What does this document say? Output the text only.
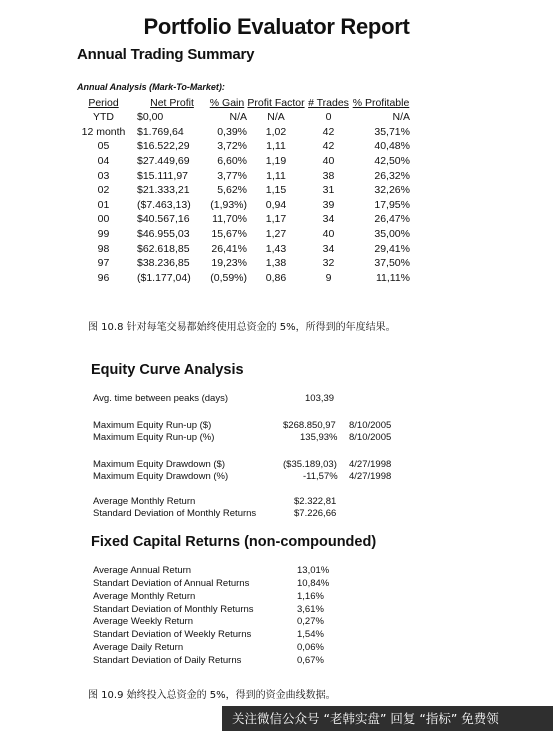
Portfolio Evaluator Report
Annual Trading Summary
Annual Analysis (Mark-To-Market):
Period	Net Profit	% Gain	Profit Factor	# Trades	% Profitable
YTD	$0,00	N/A	N/A	0	N/A
12 month	$1.769,64	0,39%	1,02	42	35,71%
05	$16.522,29	3,72%	1,11	42	40,48%
04	$27.449,69	6,60%	1,19	40	42,50%
03	$15.111,97	3,77%	1,11	38	26,32%
02	$21.333,21	5,62%	1,15	31	32,26%
01	($7.463,13)	(1,93%)	0,94	39	17,95%
00	$40.567,16	11,70%	1,17	34	26,47%
99	$46.955,03	15,67%	1,27	40	35,00%
98	$62.618,85	26,41%	1,43	34	29,41%
97	$38.236,85	19,23%	1,38	32	37,50%
96	($1.177,04)	(0,59%)	0,86	9	11,11%
图 10.8 针对每笔交易都始终使用总资金的 5%，所得到的年度结果。
Equity Curve Analysis
Avg. time between peaks (days)	103,39
Maximum Equity Run-up ($)	$268.850,97 8/10/2005
Maximum Equity Run-up (%)	135,93% 8/10/2005
Maximum Equity Drawdown ($)	($35.189,03) 4/27/1998
Maximum Equity Drawdown (%)	-11,57% 4/27/1998
Average Monthly Return	$2.322,81
Standard Deviation of Monthly Returns	$7.226,66
Fixed Capital Returns (non-compounded)
Average Annual Return	13,01%
Standart Deviation of Annual Returns	10,84%
Average Monthly Return	1,16%
Standart Deviation of Monthly Returns	3,61%
Average Weekly Return	0,27%
Standart Deviation of Weekly Returns	1,54%
Average Daily Return	0,06%
Standart Deviation of Daily Returns	0,67%
图 10.9 始终投入总资金的 5%，得到的资金曲线数据。
关注微信公众号 “老韩实盘” 回复 “指标” 免费领
